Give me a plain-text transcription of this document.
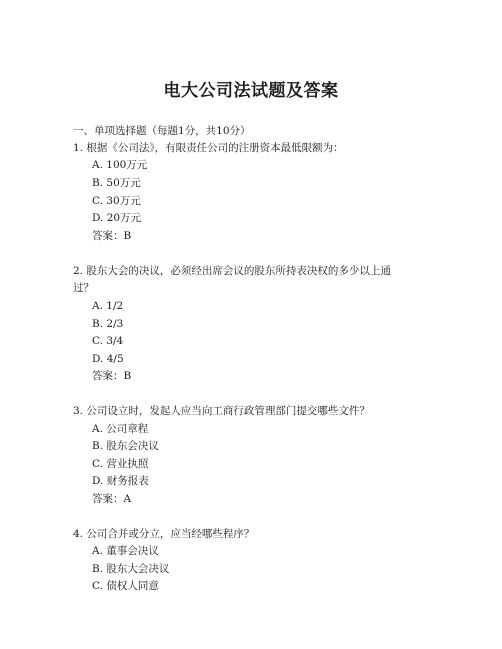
电大公司法试题及答案
一、单项选择题（每题1分，共10分）
1. 根据《公司法》，有限责任公司的注册资本最低限额为：
A. 100万元
B. 50万元
C. 30万元
D. 20万元
答案：B
2. 股东大会的决议，必须经出席会议的股东所持表决权的多少以上通
过？
A. 1/2
B. 2/3
C. 3/4
D. 4/5
答案：B
3. 公司设立时，发起人应当向工商行政管理部门提交哪些文件？
A. 公司章程
B. 股东会决议
C. 营业执照
D. 财务报表
答案：A
4. 公司合并或分立，应当经哪些程序？
A. 董事会决议
B. 股东大会决议
C. 债权人同意
